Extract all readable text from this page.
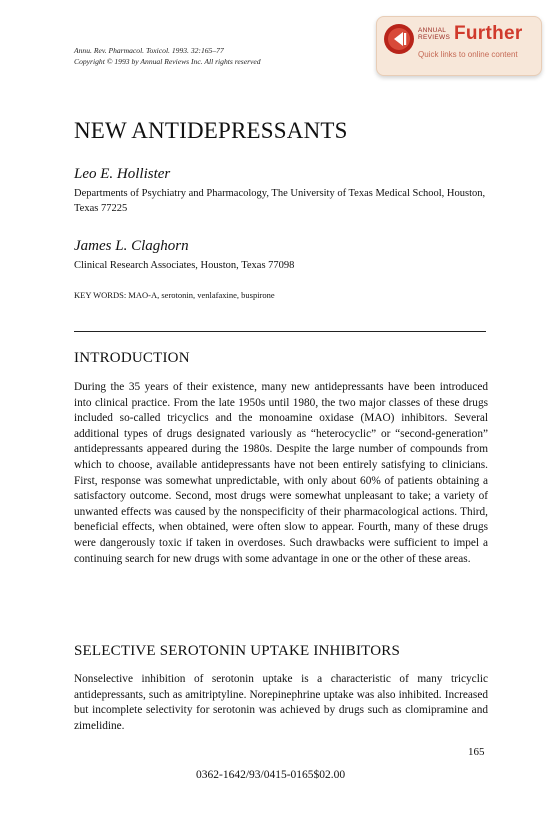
Annu. Rev. Pharmacol. Toxicol. 1993. 32:165–77
Copyright © 1993 by Annual Reviews Inc. All rights reserved
ANNUAL
REVIEWS Further
Quick links to online content
NEW ANTIDEPRESSANTS
Leo E. Hollister
Departments of Psychiatry and Pharmacology, The University of Texas Medical School, Houston, Texas 77225
James L. Claghorn
Clinical Research Associates, Houston, Texas 77098
KEY WORDS: MAO-A, serotonin, venlafaxine, buspirone
INTRODUCTION
During the 35 years of their existence, many new antidepressants have been introduced into clinical practice. From the late 1950s until 1980, the two major classes of these drugs included so-called tricyclics and the monoamine oxidase (MAO) inhibitors. Several additional types of drugs designated variously as “heterocyclic” or “second-generation” antidepressants appeared during the 1980s. Despite the large number of compounds from which to choose, available antidepressants have not been entirely satisfying to clinicians. First, response was somewhat unpredictable, with only about 60% of patients obtaining a satisfactory outcome. Second, most drugs were somewhat unpleasant to take; a variety of unwanted effects was caused by the nonspecificity of their pharmacological actions. Third, beneficial effects, when obtained, were often slow to appear. Fourth, many of these drugs were dangerously toxic if taken in overdoses. Such drawbacks were sufficient to impel a continuing search for new drugs with some advantage in one or the other of these areas.
SELECTIVE SEROTONIN UPTAKE INHIBITORS
Nonselective inhibition of serotonin uptake is a characteristic of many tricyclic antidepressants, such as amitriptyline. Norepinephrine uptake was also inhibited. Increased but incomplete selectivity for serotonin was achieved by drugs such as clomipramine and zimelidine.
165
0362-1642/93/0415-0165$02.00
